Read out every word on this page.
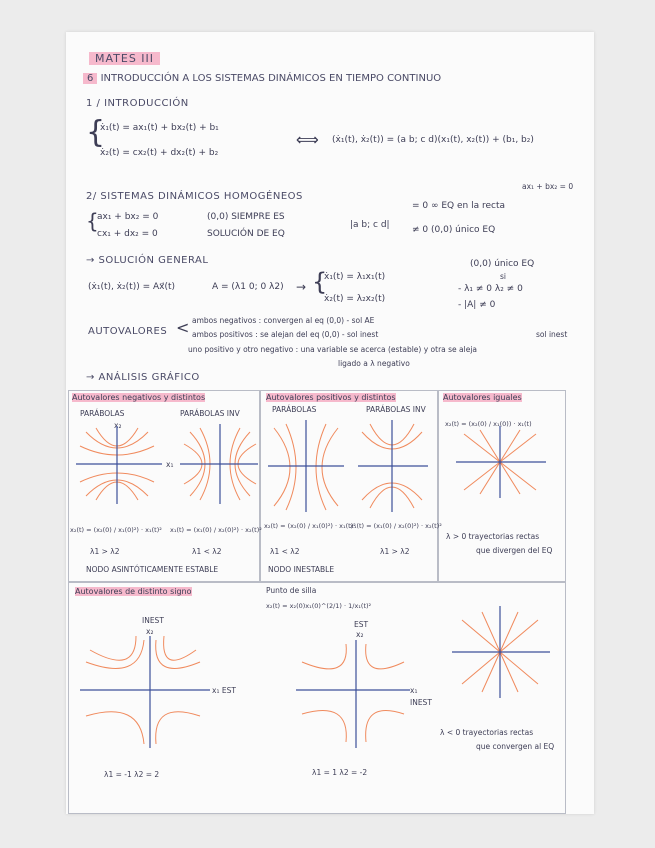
MATES III
6 INTRODUCCIÓN A LOS SISTEMAS DINÁMICOS EN TIEMPO CONTINUO
1 / INTRODUCCIÓN
{
ẋ₁(t) = ax₁(t) + bx₂(t) + b₁
ẋ₂(t) = cx₂(t) + dx₂(t) + b₂
⟺ (ẋ₁(t), ẋ₂(t)) = (a b; c d)(x₁(t), x₂(t)) + (b₁, b₂)
2/ SISTEMAS DINÁMICOS HOMOGÉNEOS
ax₁ + bx₂ = 0
{
ax₁ + bx₂ = 0
cx₁ + dx₂ = 0
(0,0) SIEMPRE ES
SOLUCIÓN DE EQ
|a b; c d|
= 0 ∞ EQ en la recta
≠ 0 (0,0) único EQ
→ SOLUCIÓN GENERAL
(ẋ₁(t), ẋ₂(t)) = Ax⃗(t)	A = (λ1 0; 0 λ2) → {
ẋ₁(t) = λ₁x₁(t)
ẋ₂(t) = λ₂x₂(t)
(0,0) único EQ
si
- λ₁ ≠ 0 λ₂ ≠ 0
- |A| ≠ 0
AUTOVALORES < ambos negativos : convergen al eq (0,0) - sol AE
ambos positivos : se alejan del eq (0,0) - sol inest	sol inest
uno positivo y otro negativo : una variable se acerca (estable) y otra se aleja
ligado a λ negativo
→ ANÁLISIS GRÁFICO
Autovalores negativos y distintos
PARÁBOLAS	PARÁBOLAS INV
x₂
x₁
x₂(t) = (x₂(0) / x₁(0)²) · x₁(t)² x₁(t) = (x₁(0) / x₂(0)²) · x₂(t)²
λ1 > λ2	λ1 < λ2
NODO ASINTÓTICAMENTE ESTABLE
Autovalores positivos y distintos
PARÁBOLAS	PARÁBOLAS INV
x₂(t) = (x₂(0) / x₁(0)²) · x₁(t)²
x₁(t) = (x₁(0) / x₂(0)²) · x₂(t)²
λ1 < λ2	λ1 > λ2
NODO INESTABLE
Autovalores iguales
x₂(t) = (x₂(0) / x₁(0)) · x₁(t)
λ > 0 trayectorias rectas
que divergen del EQ
λ < 0 trayectorias rectas
que convergen al EQ
Autovalores de distinto signo
INEST
x₂
x₁ EST
λ1 = -1 λ2 = 2
Punto de silla
x₂(t) = x₂(0)x₁(0)^(2/1) · 1/x₁(t)²
EST
x₂
x₁
INEST
λ1 = 1 λ2 = -2
